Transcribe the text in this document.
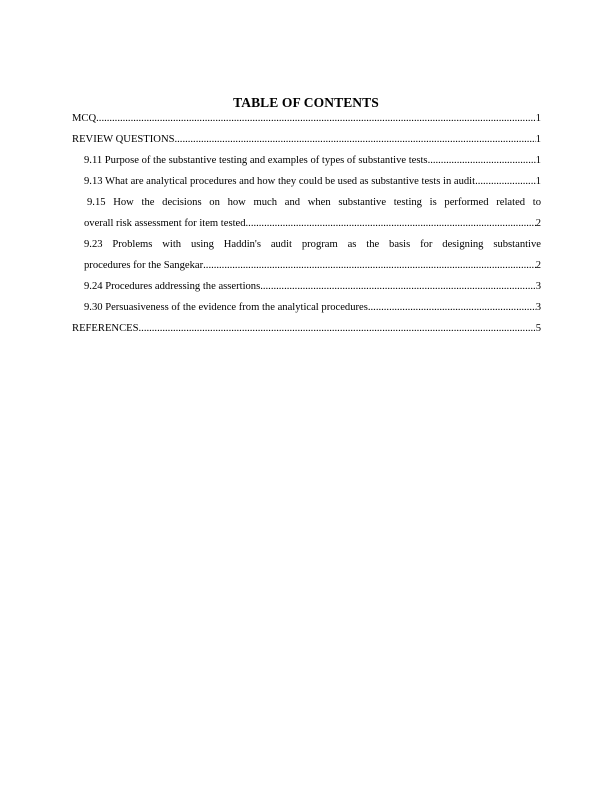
TABLE OF CONTENTS
MCQ .....	1
REVIEW QUESTIONS .....	1
9.11 Purpose of the substantive testing and examples of types of substantive tests .....	1
9.13 What are analytical procedures and how they could be used as substantive tests in audit. .....	1
9.15 How the decisions on how much and when substantive testing is performed related to
overall risk assessment for item tested. .....	2
9.23 Problems with using Haddin's audit program as the basis for designing substantive
procedures for the Sangekar .....	2
9.24 Procedures addressing the assertions .....	3
9.30 Persuasiveness of the evidence from the analytical procedures .....	3
REFERENCES .....	5
